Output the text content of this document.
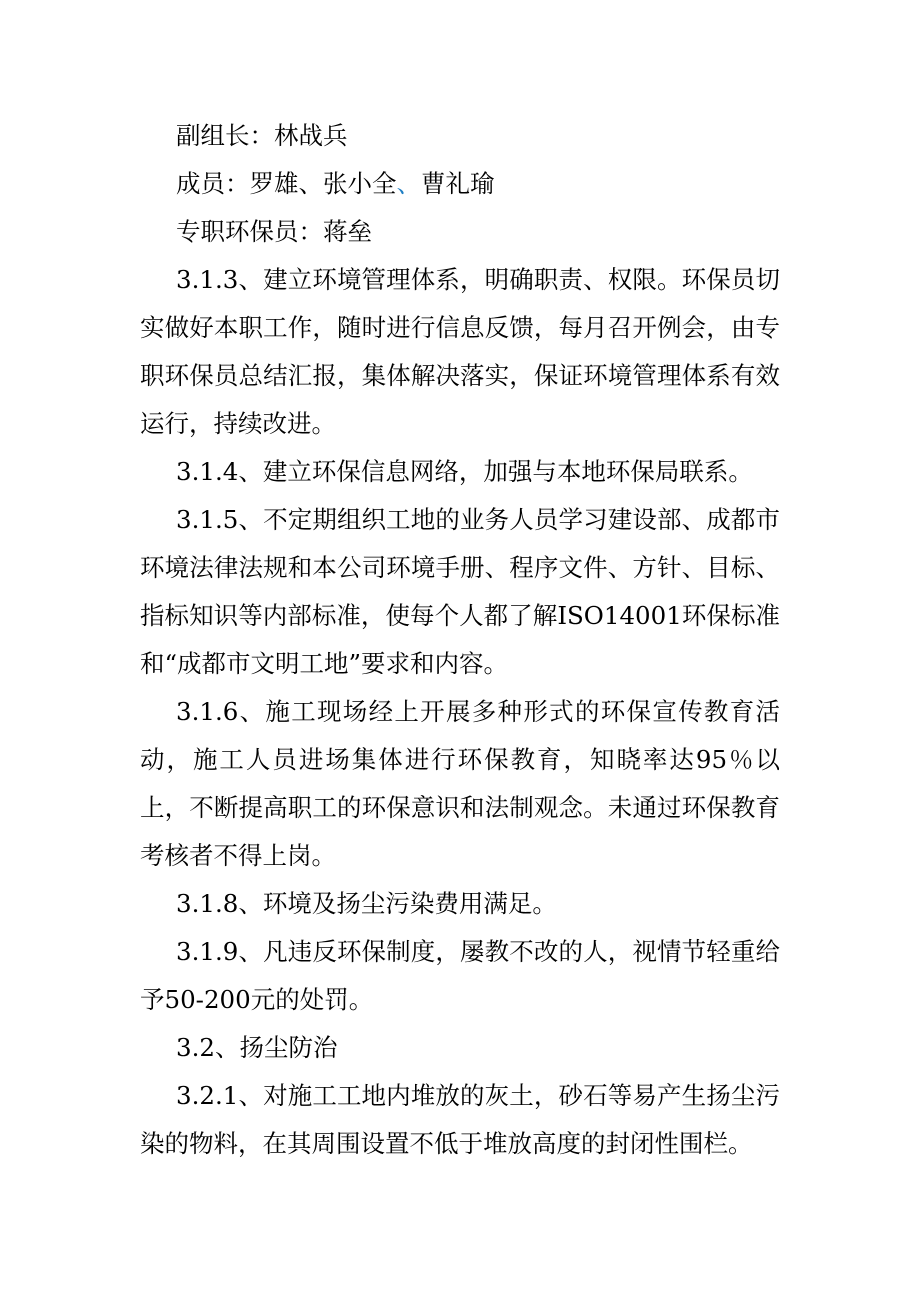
副组长：林战兵

成员：罗雄、张小全、曹礼瑜

专职环保员：蒋垒

3.1.3、建立环境管理体系，明确职责、权限。环保员切实做好本职工作，随时进行信息反馈，每月召开例会，由专职环保员总结汇报，集体解决落实，保证环境管理体系有效运行，持续改进。

3.1.4、建立环保信息网络，加强与本地环保局联系。

3.1.5、不定期组织工地的业务人员学习建设部、成都市环境法律法规和本公司环境手册、程序文件、方针、目标、指标知识等内部标准，使每个人都了解ISO14001环保标准和“成都市文明工地”要求和内容。

3.1.6、施工现场经上开展多种形式的环保宣传教育活动，施工人员进场集体进行环保教育，知晓率达95％以上，不断提高职工的环保意识和法制观念。未通过环保教育考核者不得上岗。

3.1.8、环境及扬尘污染费用满足。

3.1.9、凡违反环保制度，屡教不改的人，视情节轻重给予50-200元的处罚。

3.2、扬尘防治

3.2.1、对施工工地内堆放的灰土，砂石等易产生扬尘污染的物料，在其周围设置不低于堆放高度的封闭性围栏。
